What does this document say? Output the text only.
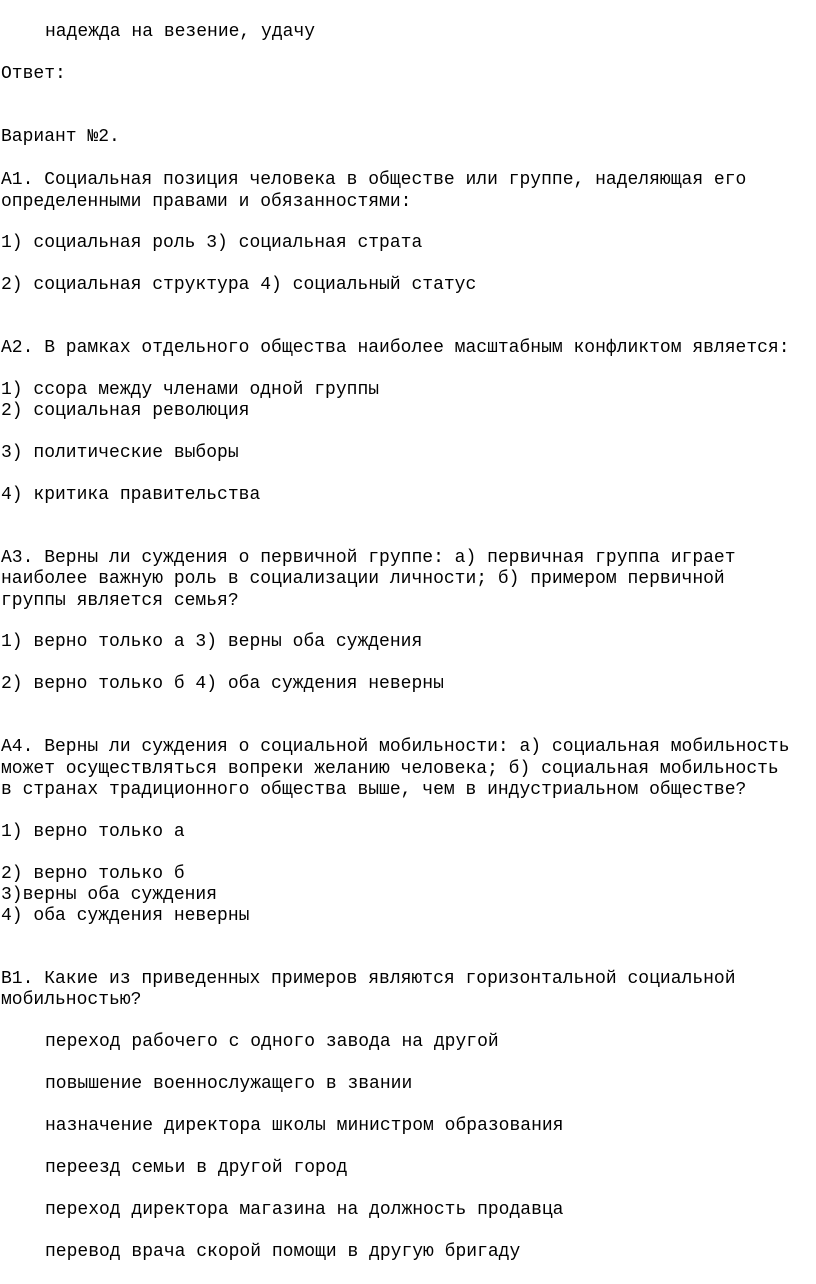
надежда на везение, удачу
Ответ:
Вариант №2.
А1. Социальная позиция человека в обществе или группе, наделяющая его
определенными правами и обязанностями:
1) социальная роль 3) социальная страта
2) социальная структура 4) социальный статус
А2. В рамках отдельного общества наиболее масштабным конфликтом является:
1) ссора между членами одной группы
2) социальная революция
3) политические выборы
4) критика правительства
А3. Верны ли суждения о первичной группе: а) первичная группа играет
наиболее важную роль в социализации личности; б) примером первичной
группы является семья?
1) верно только а 3) верны оба суждения
2) верно только б 4) оба суждения неверны
А4. Верны ли суждения о социальной мобильности: а) социальная мобильность
может осуществляться вопреки желанию человека; б) социальная мобильность
в странах традиционного общества выше, чем в индустриальном обществе?
1) верно только а
2) верно только б
3)верны оба суждения
4) оба суждения неверны
В1. Какие из приведенных примеров являются горизонтальной социальной
мобильностью?
переход рабочего с одного завода на другой
повышение военнослужащего в звании
назначение директора школы министром образования
переезд семьи в другой город
переход директора магазина на должность продавца
перевод врача скорой помощи в другую бригаду
